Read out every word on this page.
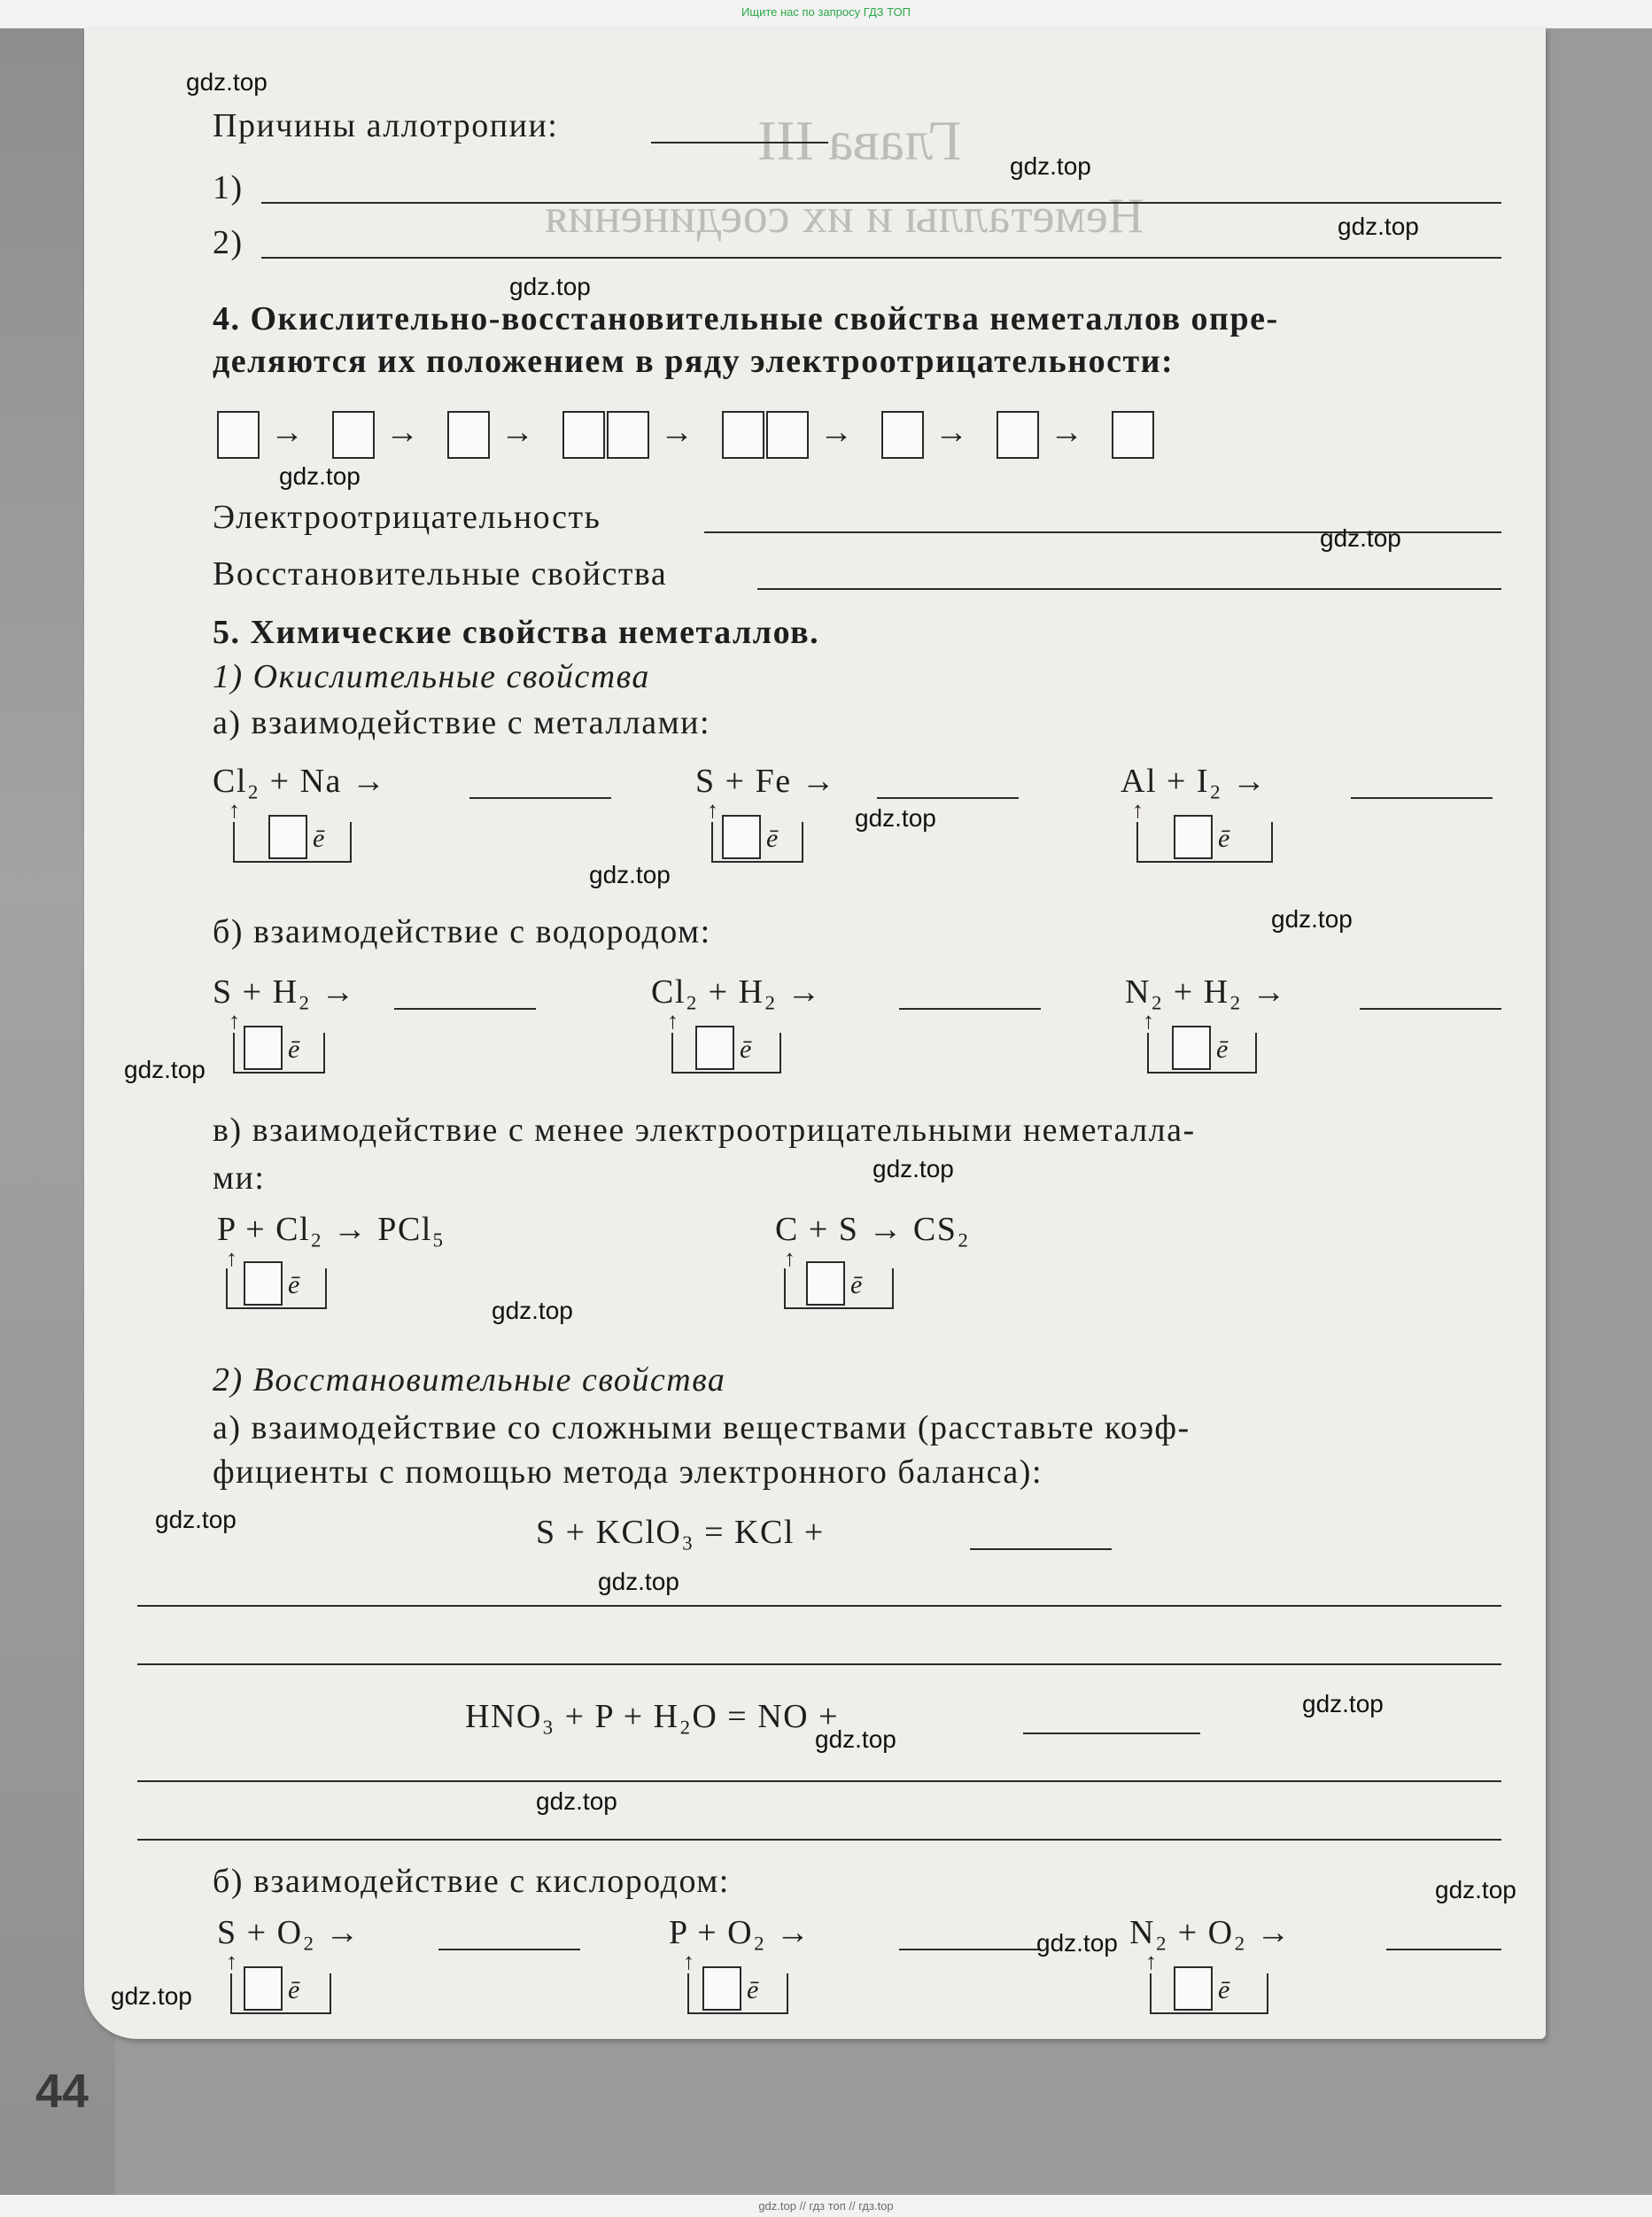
Ищите нас по запросу ГДЗ ТОП
Глава III
Неметаллы и их соединения
Причины аллотропии:
1)
2)
4. Окислительно-восстановительные свойства неметаллов опре-
деляются их положением в ряду электроотрицательности:
→ → →	→	→ → →
Электроотрицательность
Восстановительные свойства
5. Химические свойства неметаллов.
1) Окислительные свойства
а) взаимодействие с металлами:
Cl₂ + Na →
↑
ē
S + Fe →
↑
ē
Al + I₂ →
↑
ē
б) взаимодействие с водородом:
S + H₂ →
↑
ē
Cl₂ + H₂ →
↑
ē
N₂ + H₂ →
↑
ē
в) взаимодействие с менее электроотрицательными неметалла-
ми:
P + Cl₂ → PCl₅
↑
ē
C + S → CS₂
↑
ē
2) Восстановительные свойства
а) взаимодействие со сложными веществами (расставьте коэф-
фициенты с помощью метода электронного баланса):
S + KClO₃ = KCl +
HNO₃ + P + H₂O = NO +
б) взаимодействие с кислородом:
S + O₂ →
↑
ē
P + O₂ →
↑
ē
N₂ + O₂ →
↑
ē
gdz.top
gdz.top
gdz.top
gdz.top
gdz.top
gdz.top
gdz.top
gdz.top
gdz.top
gdz.top
gdz.top
gdz.top
gdz.top
gdz.top
gdz.top
gdz.top
gdz.top
gdz.top
gdz.top
gdz.top
44
gdz.top // гдз топ // гдз.top
